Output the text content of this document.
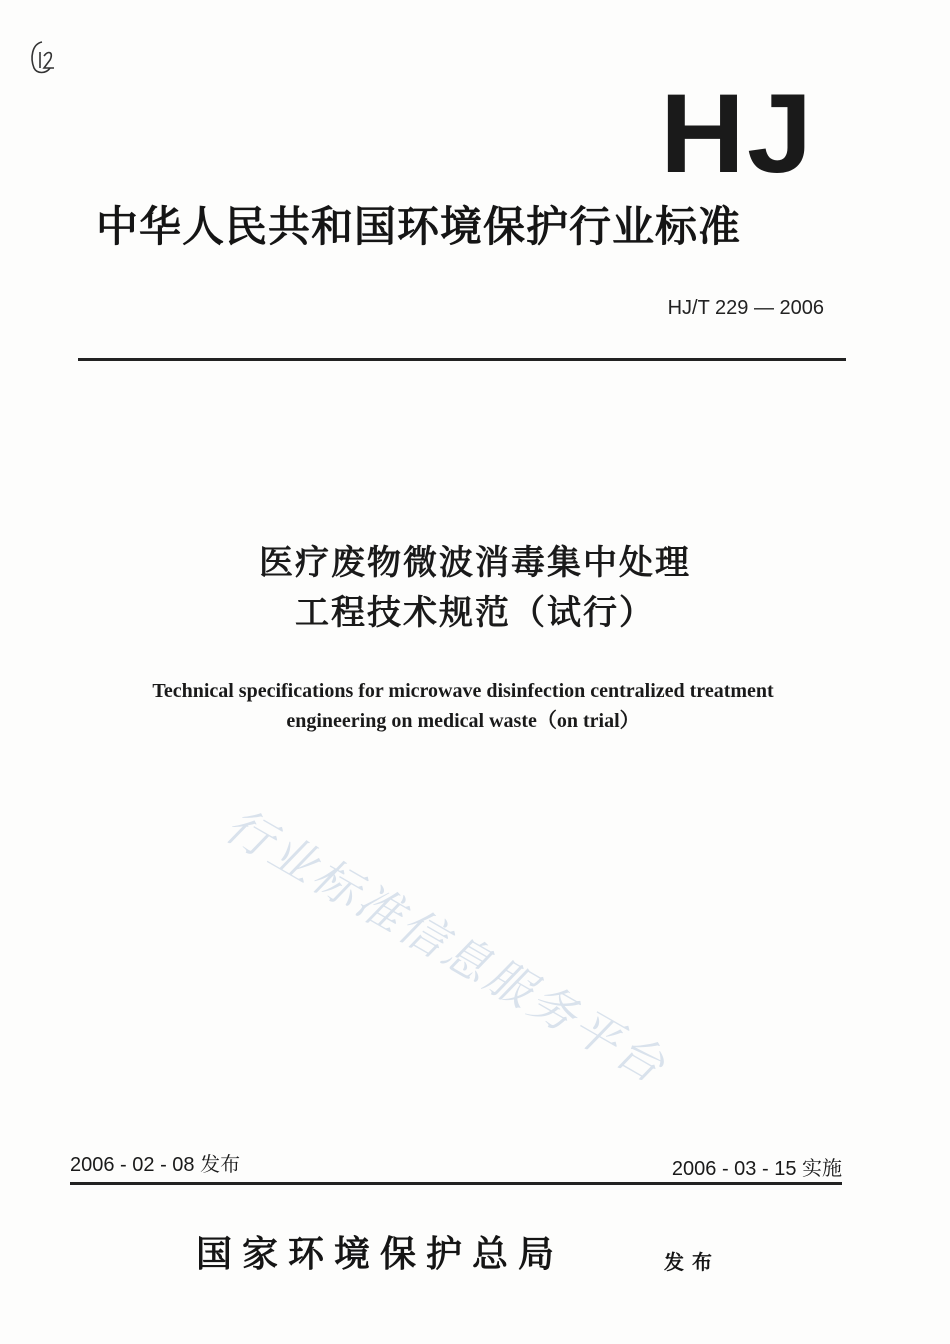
HJ
中华人民共和国环境保护行业标准
HJ/T 229 — 2006
医疗废物微波消毒集中处理
工程技术规范（试行）
Technical specifications for microwave disinfection centralized treatment
engineering on medical waste（on trial）
行业标准信息服务平台
2006 - 02 - 08 发布	2006 - 03 - 15 实施
国家环境保护总局	发布
